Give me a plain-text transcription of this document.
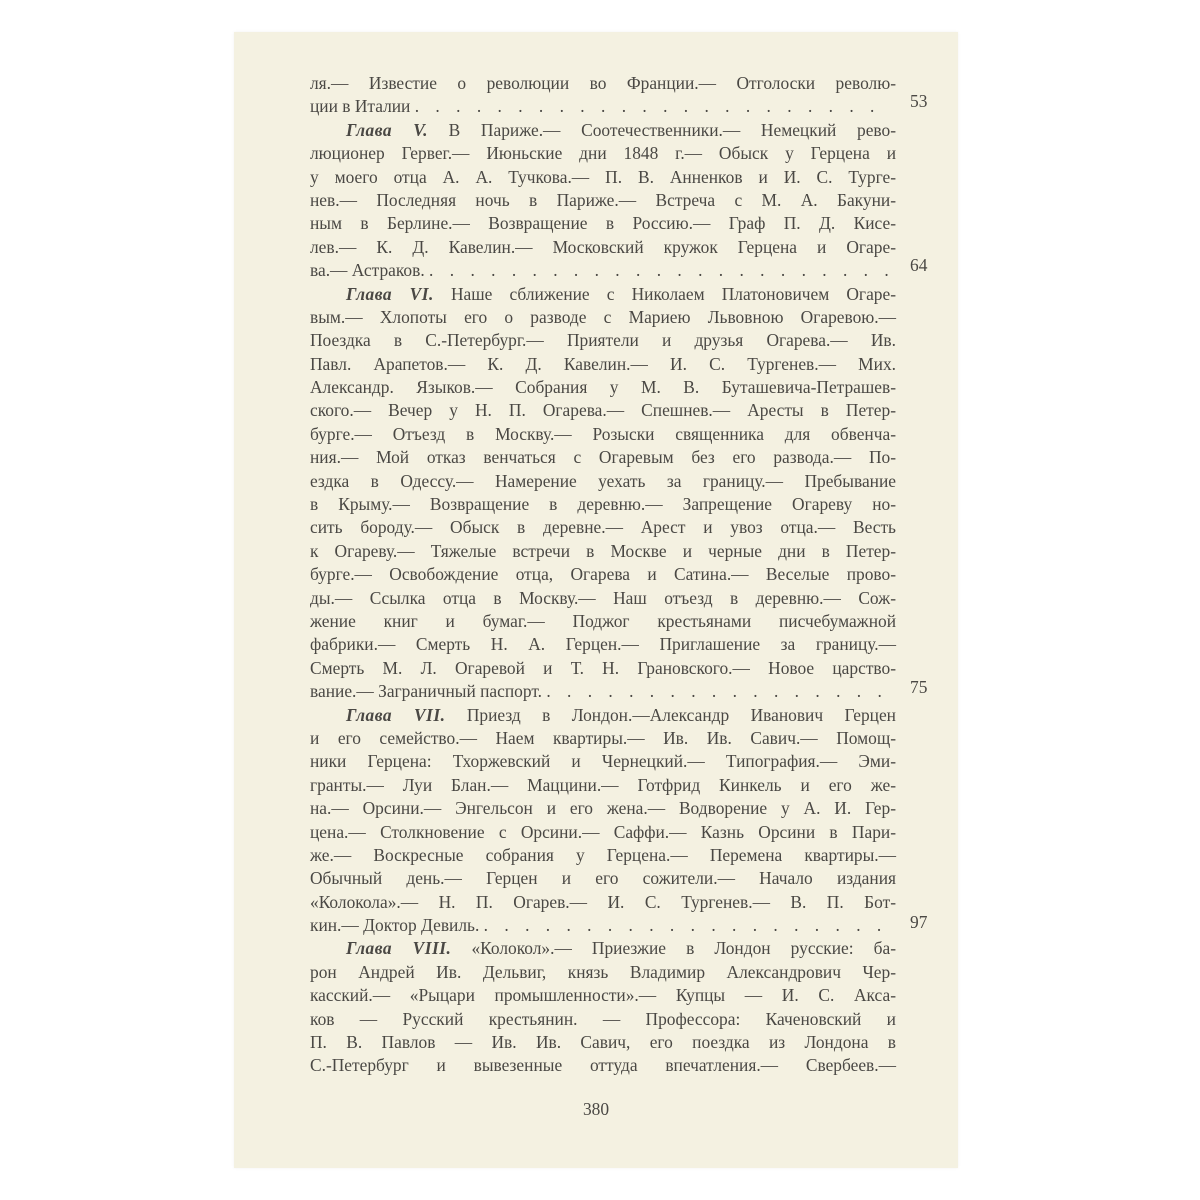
ля.— Известие о революции во Франции.— Отголоски револю-
ции в Италии . . . . . . . . . . . . . . . . . . . . . . .
Глава V. В Париже.— Соотечественники.— Немецкий рево-
люционер Гервег.— Июньские дни 1848 г.— Обыск у Герцена и
у моего отца А. А. Тучкова.— П. В. Анненков и И. С. Турге-
нев.— Последняя ночь в Париже.— Встреча с М. А. Бакуни-
ным в Берлине.— Возвращение в Россию.— Граф П. Д. Кисе-
лев.— К. Д. Кавелин.— Московский кружок Герцена и Огаре-
ва.— Астраков. . . . . . . . . . . . . . . . . . . . . . . .
Глава VI. Наше сближение с Николаем Платоновичем Огаре-
вым.— Хлопоты его о разводе с Мариею Львовною Огаревою.—
Поездка в С.-Петербург.— Приятели и друзья Огарева.— Ив.
Павл. Арапетов.— К. Д. Кавелин.— И. С. Тургенев.— Мих.
Александр. Языков.— Собрания у М. В. Буташевича-Петрашев-
ского.— Вечер у Н. П. Огарева.— Спешнев.— Аресты в Петер-
бурге.— Отъезд в Москву.— Розыски священника для обвенча-
ния.— Мой отказ венчаться с Огаревым без его развода.— По-
ездка в Одессу.— Намерение уехать за границу.— Пребывание
в Крыму.— Возвращение в деревню.— Запрещение Огареву но-
сить бороду.— Обыск в деревне.— Арест и увоз отца.— Весть
к Огареву.— Тяжелые встречи в Москве и черные дни в Петер-
бурге.— Освобождение отца, Огарева и Сатина.— Веселые прово-
ды.— Ссылка отца в Москву.— Наш отъезд в деревню.— Сож-
жение книг и бумаг.— Поджог крестьянами писчебумажной
фабрики.— Смерть Н. А. Герцен.— Приглашение за границу.—
Смерть М. Л. Огаревой и Т. Н. Грановского.— Новое царство-
вание.— Заграничный паспорт. . . . . . . . . . . . . . . . . .
Глава VII. Приезд в Лондон.—Александр Иванович Герцен
и его семейство.— Наем квартиры.— Ив. Ив. Савич.— Помощ-
ники Герцена: Тхоржевский и Чернецкий.— Типография.— Эми-
гранты.— Луи Блан.— Маццини.— Готфрид Кинкель и его же-
на.— Орсини.— Энгельсон и его жена.— Водворение у А. И. Гер-
цена.— Столкновение с Орсини.— Саффи.— Казнь Орсини в Пари-
же.— Воскресные собрания у Герцена.— Перемена квартиры.—
Обычный день.— Герцен и его сожители.— Начало издания
«Колокола».— Н. П. Огарев.— И. С. Тургенев.— В. П. Бот-
кин.— Доктор Девиль. . . . . . . . . . . . . . . . . . . . .
Глава VIII. «Колокол».— Приезжие в Лондон русские: ба-
рон Андрей Ив. Дельвиг, князь Владимир Александрович Чер-
касский.— «Рыцари промышленности».— Купцы — И. С. Акса-
ков — Русский крестьянин. — Профессора: Каченовский и
П. В. Павлов — Ив. Ив. Савич, его поездка из Лондона в
С.-Петербург и вывезенные оттуда впечатления.— Свербеев.—
53
64
75
97
380
